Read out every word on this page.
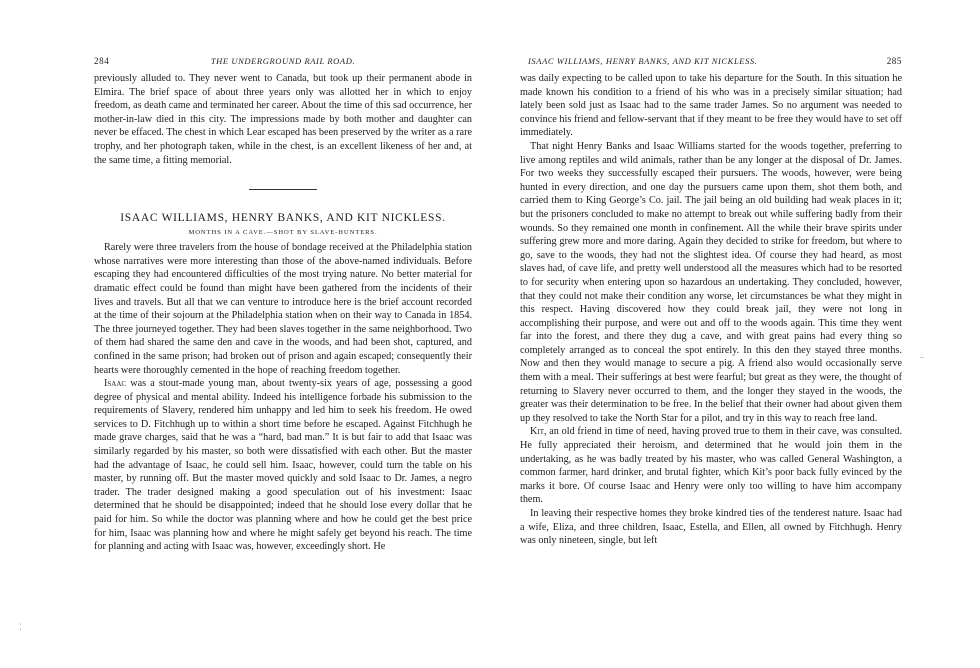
284	THE UNDERGROUND RAIL ROAD.

previously alluded to. They never went to Canada, but took up their permanent abode in Elmira. The brief space of about three years only was allotted her in which to enjoy freedom, as death came and terminated her career. About the time of this sad occurrence, her mother-in-law died in this city. The impressions made by both mother and daughter can never be effaced. The chest in which Lear escaped has been preserved by the writer as a rare trophy, and her photograph taken, while in the chest, is an excellent likeness of her and, at the same time, a fitting memorial.

ISAAC WILLIAMS, HENRY BANKS, AND KIT NICKLESS.
MONTHS IN A CAVE.—SHOT BY SLAVE-HUNTERS.

Rarely were three travelers from the house of bondage received at the Philadelphia station whose narratives were more interesting than those of the above-named individuals. Before escaping they had encountered difficulties of the most trying nature. No better material for dramatic effect could be found than might have been gathered from the incidents of their lives and travels. But all that we can venture to introduce here is the brief account recorded at the time of their sojourn at the Philadelphia station when on their way to Canada in 1854. The three journeyed together. They had been slaves together in the same neighborhood. Two of them had shared the same den and cave in the woods, and had been shot, captured, and confined in the same prison; had broken out of prison and again escaped; consequently their hearts were thoroughly cemented in the hope of reaching freedom together.

Isaac was a stout-made young man, about twenty-six years of age, possessing a good degree of physical and mental ability. Indeed his intelligence forbade his submission to the requirements of Slavery, rendered him unhappy and led him to seek his freedom. He owed services to D. Fitchhugh up to within a short time before he escaped. Against Fitchhugh he made grave charges, said that he was a “hard, bad man.” It is but fair to add that Isaac was similarly regarded by his master, so both were dissatisfied with each other. But the master had the advantage of Isaac, he could sell him. Isaac, however, could turn the table on his master, by running off. But the master moved quickly and sold Isaac to Dr. James, a negro trader. The trader designed making a good speculation out of his investment: Isaac determined that he should be disappointed; indeed that he should lose every dollar that he paid for him. So while the doctor was planning where and how he could get the best price for him, Isaac was planning how and where he might safely get beyond his reach. The time for planning and acting with Isaac was, however, exceedingly short. He

ISAAC WILLIAMS, HENRY BANKS, AND KIT NICKLESS.	285

was daily expecting to be called upon to take his departure for the South. In this situation he made known his condition to a friend of his who was in a precisely similar situation; had lately been sold just as Isaac had to the same trader James. So no argument was needed to convince his friend and fellow-servant that if they meant to be free they would have to set off immediately.

That night Henry Banks and Isaac Williams started for the woods together, preferring to live among reptiles and wild animals, rather than be any longer at the disposal of Dr. James. For two weeks they successfully escaped their pursuers. The woods, however, were being hunted in every direction, and one day the pursuers came upon them, shot them both, and carried them to King George’s Co. jail. The jail being an old building had weak places in it; but the prisoners concluded to make no attempt to break out while suffering badly from their wounds. So they remained one month in confinement. All the while their brave spirits under suffering grew more and more daring. Again they decided to strike for freedom, but where to go, save to the woods, they had not the slightest idea. Of course they had heard, as most slaves had, of cave life, and pretty well understood all the measures which had to be resorted to for security when entering upon so hazardous an undertaking. They concluded, however, that they could not make their condition any worse, let circumstances be what they might in this respect. Having discovered how they could break jail, they were not long in accomplishing their purpose, and were out and off to the woods again. This time they went far into the forest, and there they dug a cave, and with great pains had every thing so completely arranged as to conceal the spot entirely. In this den they stayed three months. Now and then they would manage to secure a pig. A friend also would occasionally serve them with a meal. Their sufferings at best were fearful; but great as they were, the thought of returning to Slavery never occurred to them, and the longer they stayed in the woods, the greater was their determination to be free. In the belief that their owner had about given them up they resolved to take the North Star for a pilot, and try in this way to reach free land.

Kit, an old friend in time of need, having proved true to them in their cave, was consulted. He fully appreciated their heroism, and determined that he would join them in the undertaking, as he was badly treated by his master, who was called General Washington, a common farmer, hard drinker, and brutal fighter, which Kit’s poor back fully evinced by the marks it bore. Of course Isaac and Henry were only too willing to have him accompany them.

In leaving their respective homes they broke kindred ties of the tenderest nature. Isaac had a wife, Eliza, and three children, Isaac, Estella, and Ellen, all owned by Fitchhugh. Henry was only nineteen, single, but left

–
¦
